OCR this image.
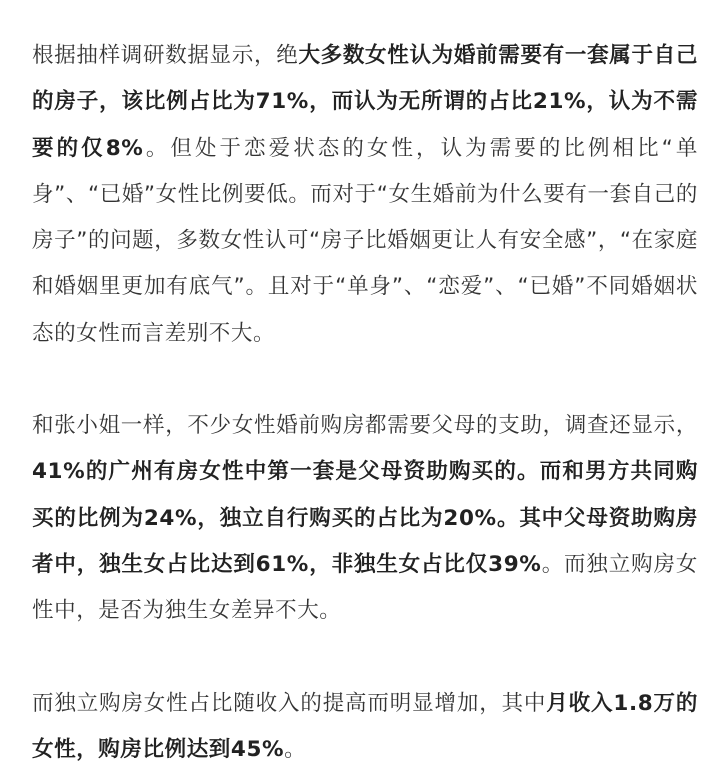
根据抽样调研数据显示，绝大多数女性认为婚前需要有一套属于自己的房子，该比例占比为71%，而认为无所谓的占比21%，认为不需要的仅8%。但处于恋爱状态的女性，认为需要的比例相比“单身”、“已婚”女性比例要低。而对于“女生婚前为什么要有一套自己的房子”的问题，多数女性认可“房子比婚姻更让人有安全感”，“在家庭和婚姻里更加有底气”。且对于“单身”、“恋爱”、“已婚”不同婚姻状态的女性而言差别不大。

和张小姐一样，不少女性婚前购房都需要父母的支助，调查还显示，41%的广州有房女性中第一套是父母资助购买的。而和男方共同购买的比例为24%，独立自行购买的占比为20%。其中父母资助购房者中，独生女占比达到61%，非独生女占比仅39%。而独立购房女性中，是否为独生女差异不大。

而独立购房女性占比随收入的提高而明显增加，其中月收入1.8万的女性，购房比例达到45%。
